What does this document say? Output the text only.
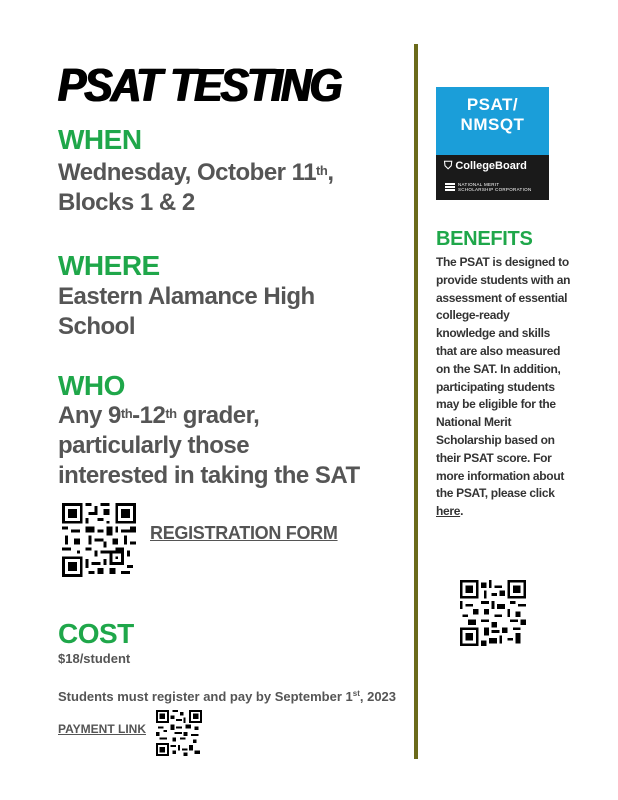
PSAT TESTING
WHEN
Wednesday, October 11th,
Blocks 1 & 2
WHERE
Eastern Alamance High
School
WHO
Any 9th-12th grader,
particularly those
interested in taking the SAT
REGISTRATION FORM
COST
$18/student
Students must register and pay by September 1st, 2023
PAYMENT LINK
PSAT/
NMSQT
⛉ CollegeBoard
NATIONAL MERIT
SCHOLARSHIP CORPORATION
BENEFITS
The PSAT is designed to provide students with an assessment of essential college-ready knowledge and skills that are also measured on the SAT. In addition, participating students may be eligible for the National Merit Scholarship based on their PSAT score. For more information about the PSAT, please click here.
